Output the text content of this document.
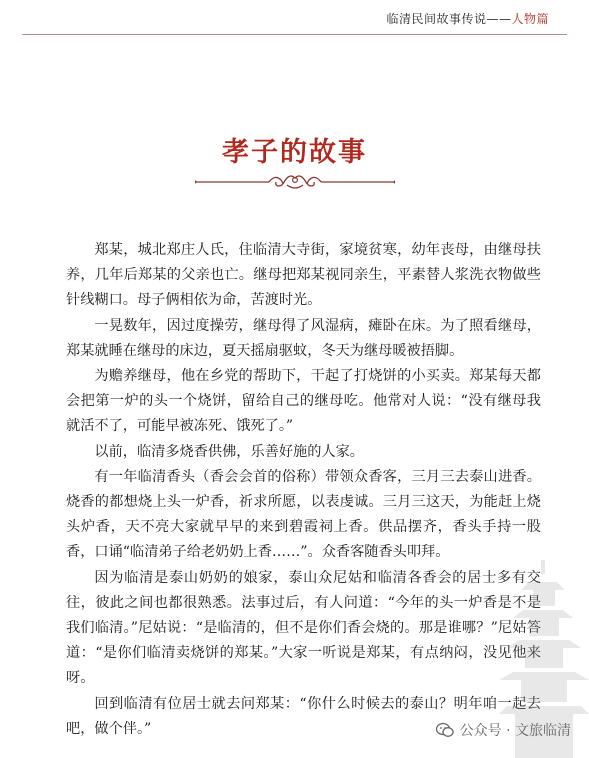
临清民间故事传说——人物篇
孝子的故事

郑某，城北郑庄人氏，住临清大寺街，家境贫寒，幼年丧母，由继母扶养，几年后郑某的父亲也亡。继母把郑某视同亲生，平素替人浆洗衣物做些针线糊口。母子俩相依为命，苦渡时光。

一晃数年，因过度操劳，继母得了风湿病，瘫卧在床。为了照看继母，郑某就睡在继母的床边，夏天摇扇驱蚊，冬天为继母暖被捂脚。

为赡养继母，他在乡党的帮助下，干起了打烧饼的小买卖。郑某每天都会把第一炉的头一个烧饼，留给自己的继母吃。他常对人说：“没有继母我就活不了，可能早被冻死、饿死了。”

以前，临清多烧香供佛，乐善好施的人家。

有一年临清香头（香会会首的俗称）带领众香客，三月三去泰山进香。烧香的都想烧上头一炉香，祈求所愿，以表虔诚。三月三这天，为能赶上烧头炉香，天不亮大家就早早的来到碧霞祠上香。供品摆齐，香头手持一股香，口诵“临清弟子给老奶奶上香……”。众香客随香头叩拜。

因为临清是泰山奶奶的娘家，泰山众尼姑和临清各香会的居士多有交往，彼此之间也都很熟悉。法事过后，有人问道：“今年的头一炉香是不是我们临清。”尼姑说：“是临清的，但不是你们香会烧的。那是谁哪？”尼姑答道：“是你们临清卖烧饼的郑某。”大家一听说是郑某，有点纳闷，没见他来呀。

回到临清有位居士就去问郑某：“你什么时候去的泰山？明年咱一起去吧，做个伴。”	公众号 · 文旅临清
